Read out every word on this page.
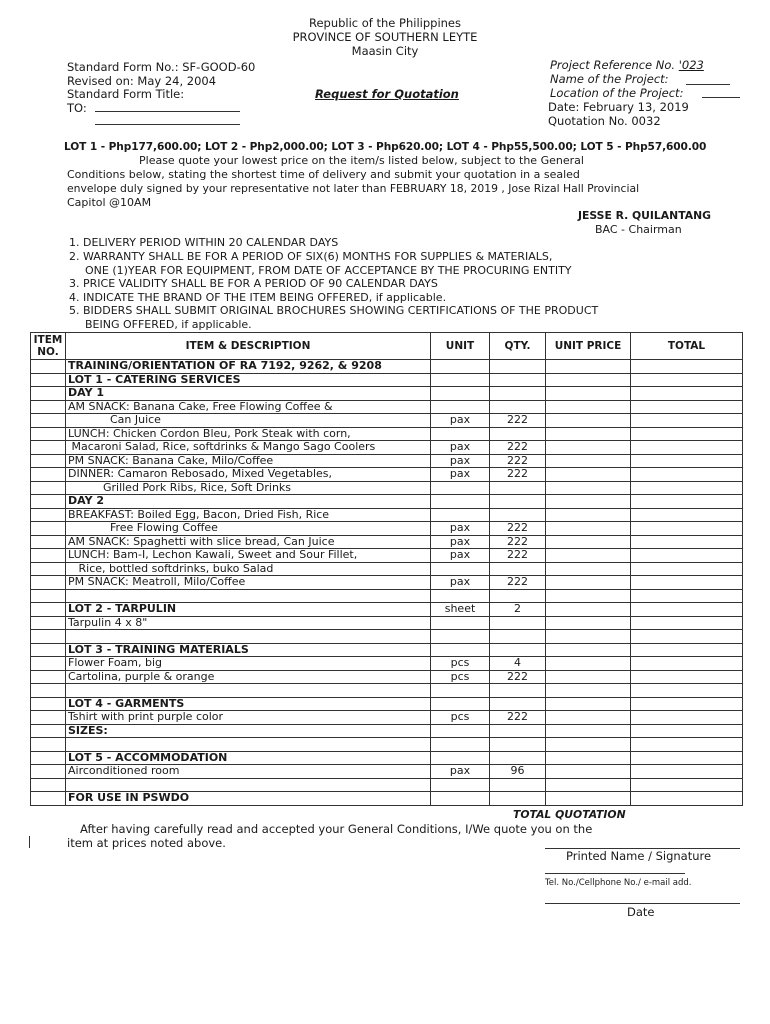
Republic of the Philippines
PROVINCE OF SOUTHERN LEYTE
Maasin City
Standard Form No.: SF-GOOD-60
Revised on: May 24, 2004
Standard Form Title:
TO:
Request for Quotation
Project Reference No. '023
Name of the Project:
Location of the Project:
Date: February 13, 2019
Quotation No. 0032
LOT 1 - Php177,600.00; LOT 2 - Php2,000.00; LOT 3 - Php620.00; LOT 4 - Php55,500.00; LOT 5 - Php57,600.00
Please quote your lowest price on the item/s listed below, subject to the General
Conditions below, stating the shortest time of delivery and submit your quotation in a sealed
envelope duly signed by your representative not later than FEBRUARY 18, 2019 , Jose Rizal Hall Provincial
Capitol @10AM
JESSE R. QUILANTANG
BAC - Chairman
1. DELIVERY PERIOD WITHIN 20 CALENDAR DAYS
2. WARRANTY SHALL BE FOR A PERIOD OF SIX(6) MONTHS FOR SUPPLIES & MATERIALS,
ONE (1)YEAR FOR EQUIPMENT, FROM DATE OF ACCEPTANCE BY THE PROCURING ENTITY
3. PRICE VALIDITY SHALL BE FOR A PERIOD OF 90 CALENDAR DAYS
4. INDICATE THE BRAND OF THE ITEM BEING OFFERED, if applicable.
5. BIDDERS SHALL SUBMIT ORIGINAL BROCHURES SHOWING CERTIFICATIONS OF THE PRODUCT
BEING OFFERED, if applicable.
ITEM NO.	ITEM & DESCRIPTION	UNIT	QTY.	UNIT PRICE	TOTAL
	TRAINING/ORIENTATION OF RA 7192, 9262, & 9208				
	LOT 1 - CATERING SERVICES				
	DAY 1				
	AM SNACK: Banana Cake, Free Flowing Coffee &				
	Can Juice	pax	222		
	LUNCH: Chicken Cordon Bleu, Pork Steak with corn,				
	Macaroni Salad, Rice, softdrinks & Mango Sago Coolers	pax	222		
	PM SNACK: Banana Cake, Milo/Coffee	pax	222		
	DINNER: Camaron Rebosado, Mixed Vegetables,	pax	222		
	Grilled Pork Ribs, Rice, Soft Drinks				
	DAY 2				
	BREAKFAST: Boiled Egg, Bacon, Dried Fish, Rice				
	Free Flowing Coffee	pax	222		
	AM SNACK: Spaghetti with slice bread, Can Juice	pax	222		
	LUNCH: Bam-I, Lechon Kawali, Sweet and Sour Fillet,	pax	222		
	Rice, bottled softdrinks, buko Salad				
	PM SNACK: Meatroll, Milo/Coffee	pax	222		

	LOT 2 - TARPULIN	sheet	2		
	Tarpulin 4 x 8"				

	LOT 3 - TRAINING MATERIALS				
	Flower Foam, big	pcs	4		
	Cartolina, purple & orange	pcs	222		

	LOT 4 - GARMENTS				
	Tshirt with print purple color	pcs	222		
	SIZES:				

	LOT 5 - ACCOMMODATION				
	Airconditioned room	pax	96		

	FOR USE IN PSWDO				
TOTAL QUOTATION
After having carefully read and accepted your General Conditions, I/We quote you on the
item at prices noted above.
Printed Name / Signature
Tel. No./Cellphone No./ e-mail add.
Date
